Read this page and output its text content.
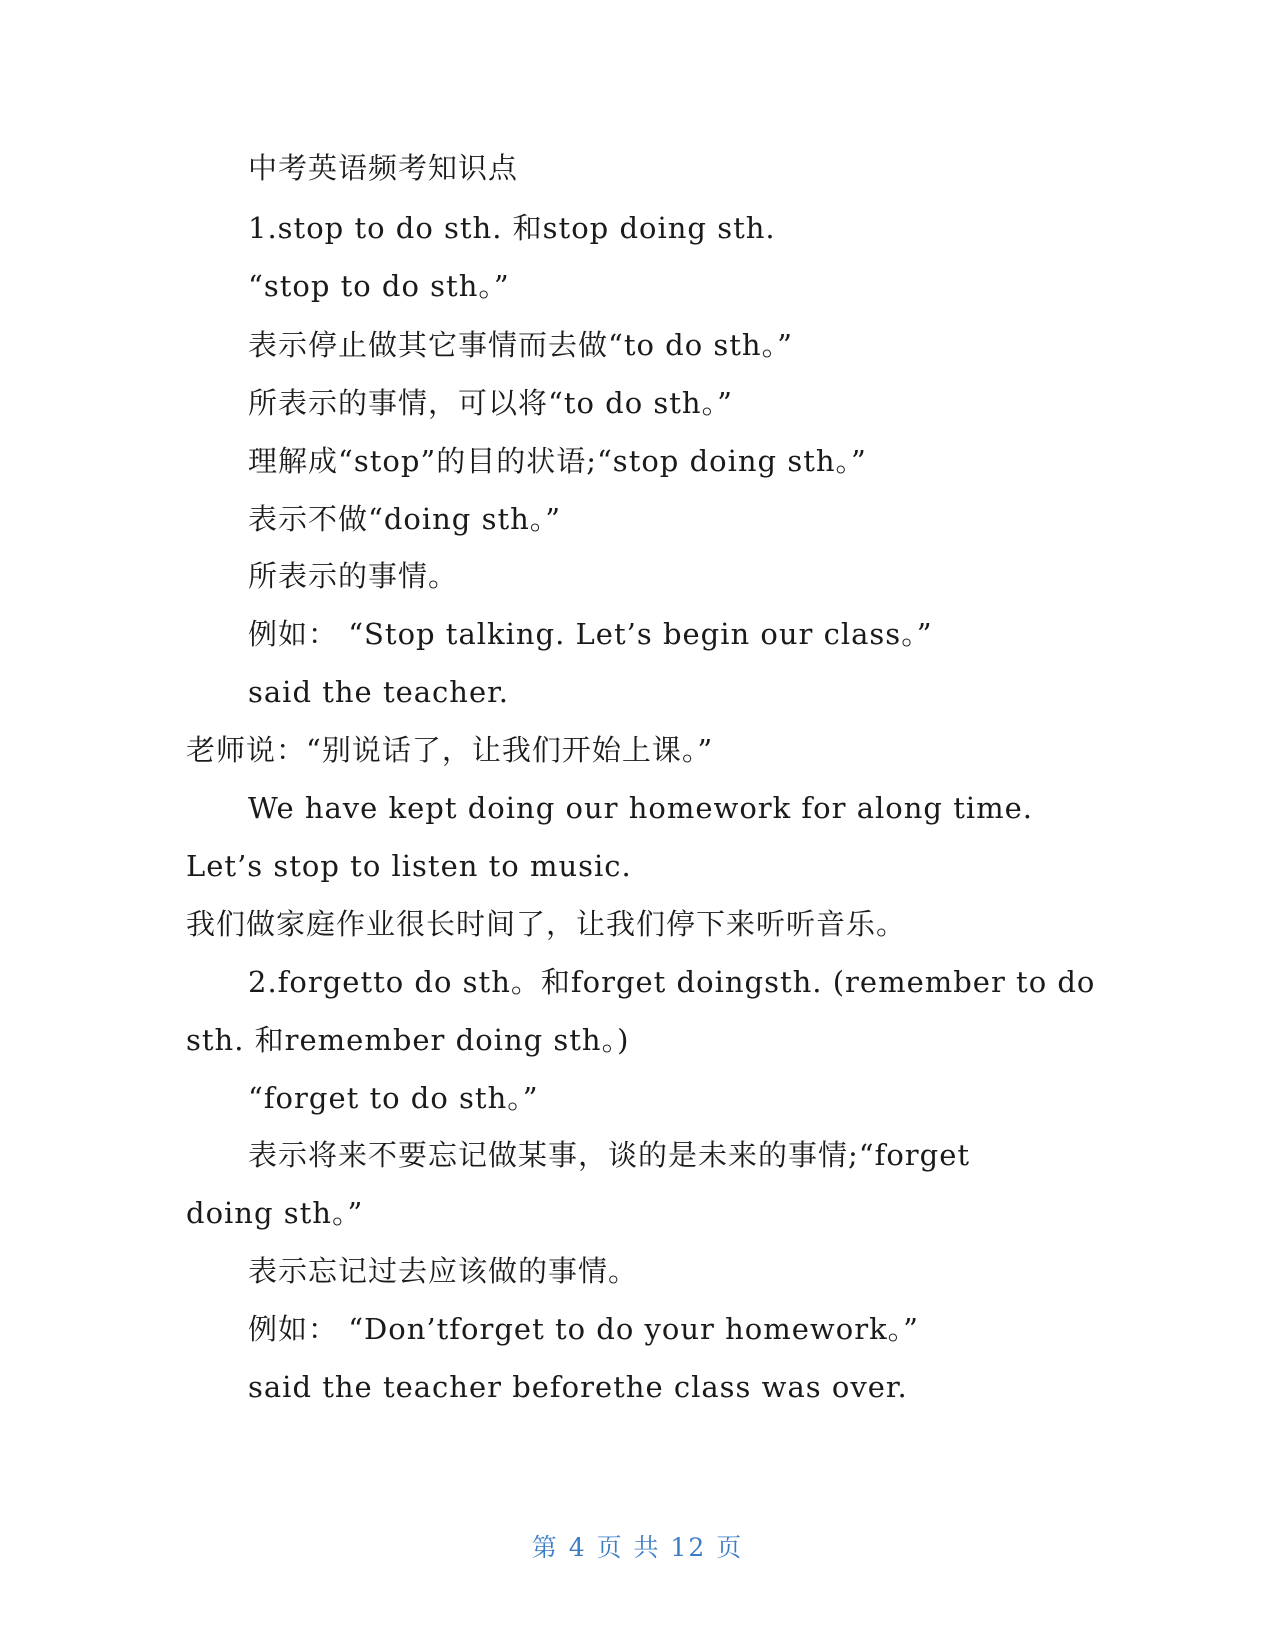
中考英语频考知识点
1.stop to do sth. 和stop doing sth.
“stop to do sth。”
表示停止做其它事情而去做“to do sth。”
所表示的事情，可以将“to do sth。”
理解成“stop”的目的状语;“stop doing sth。”
表示不做“doing sth。”
所表示的事情。
例如： “Stop talking. Let’s begin our class。”
said the teacher.
老师说：“别说话了，让我们开始上课。”
We have kept doing our homework for along time.
Let’s stop to listen to music.
我们做家庭作业很长时间了，让我们停下来听听音乐。
2.forgetto do sth。和forget doingsth. (remember to do
sth. 和remember doing sth。)
“forget to do sth。”
表示将来不要忘记做某事，谈的是未来的事情;“forget
doing sth。”
表示忘记过去应该做的事情。
例如： “Don’tforget to do your homework。”
said the teacher beforethe class was over.
第 4 页 共 12 页
